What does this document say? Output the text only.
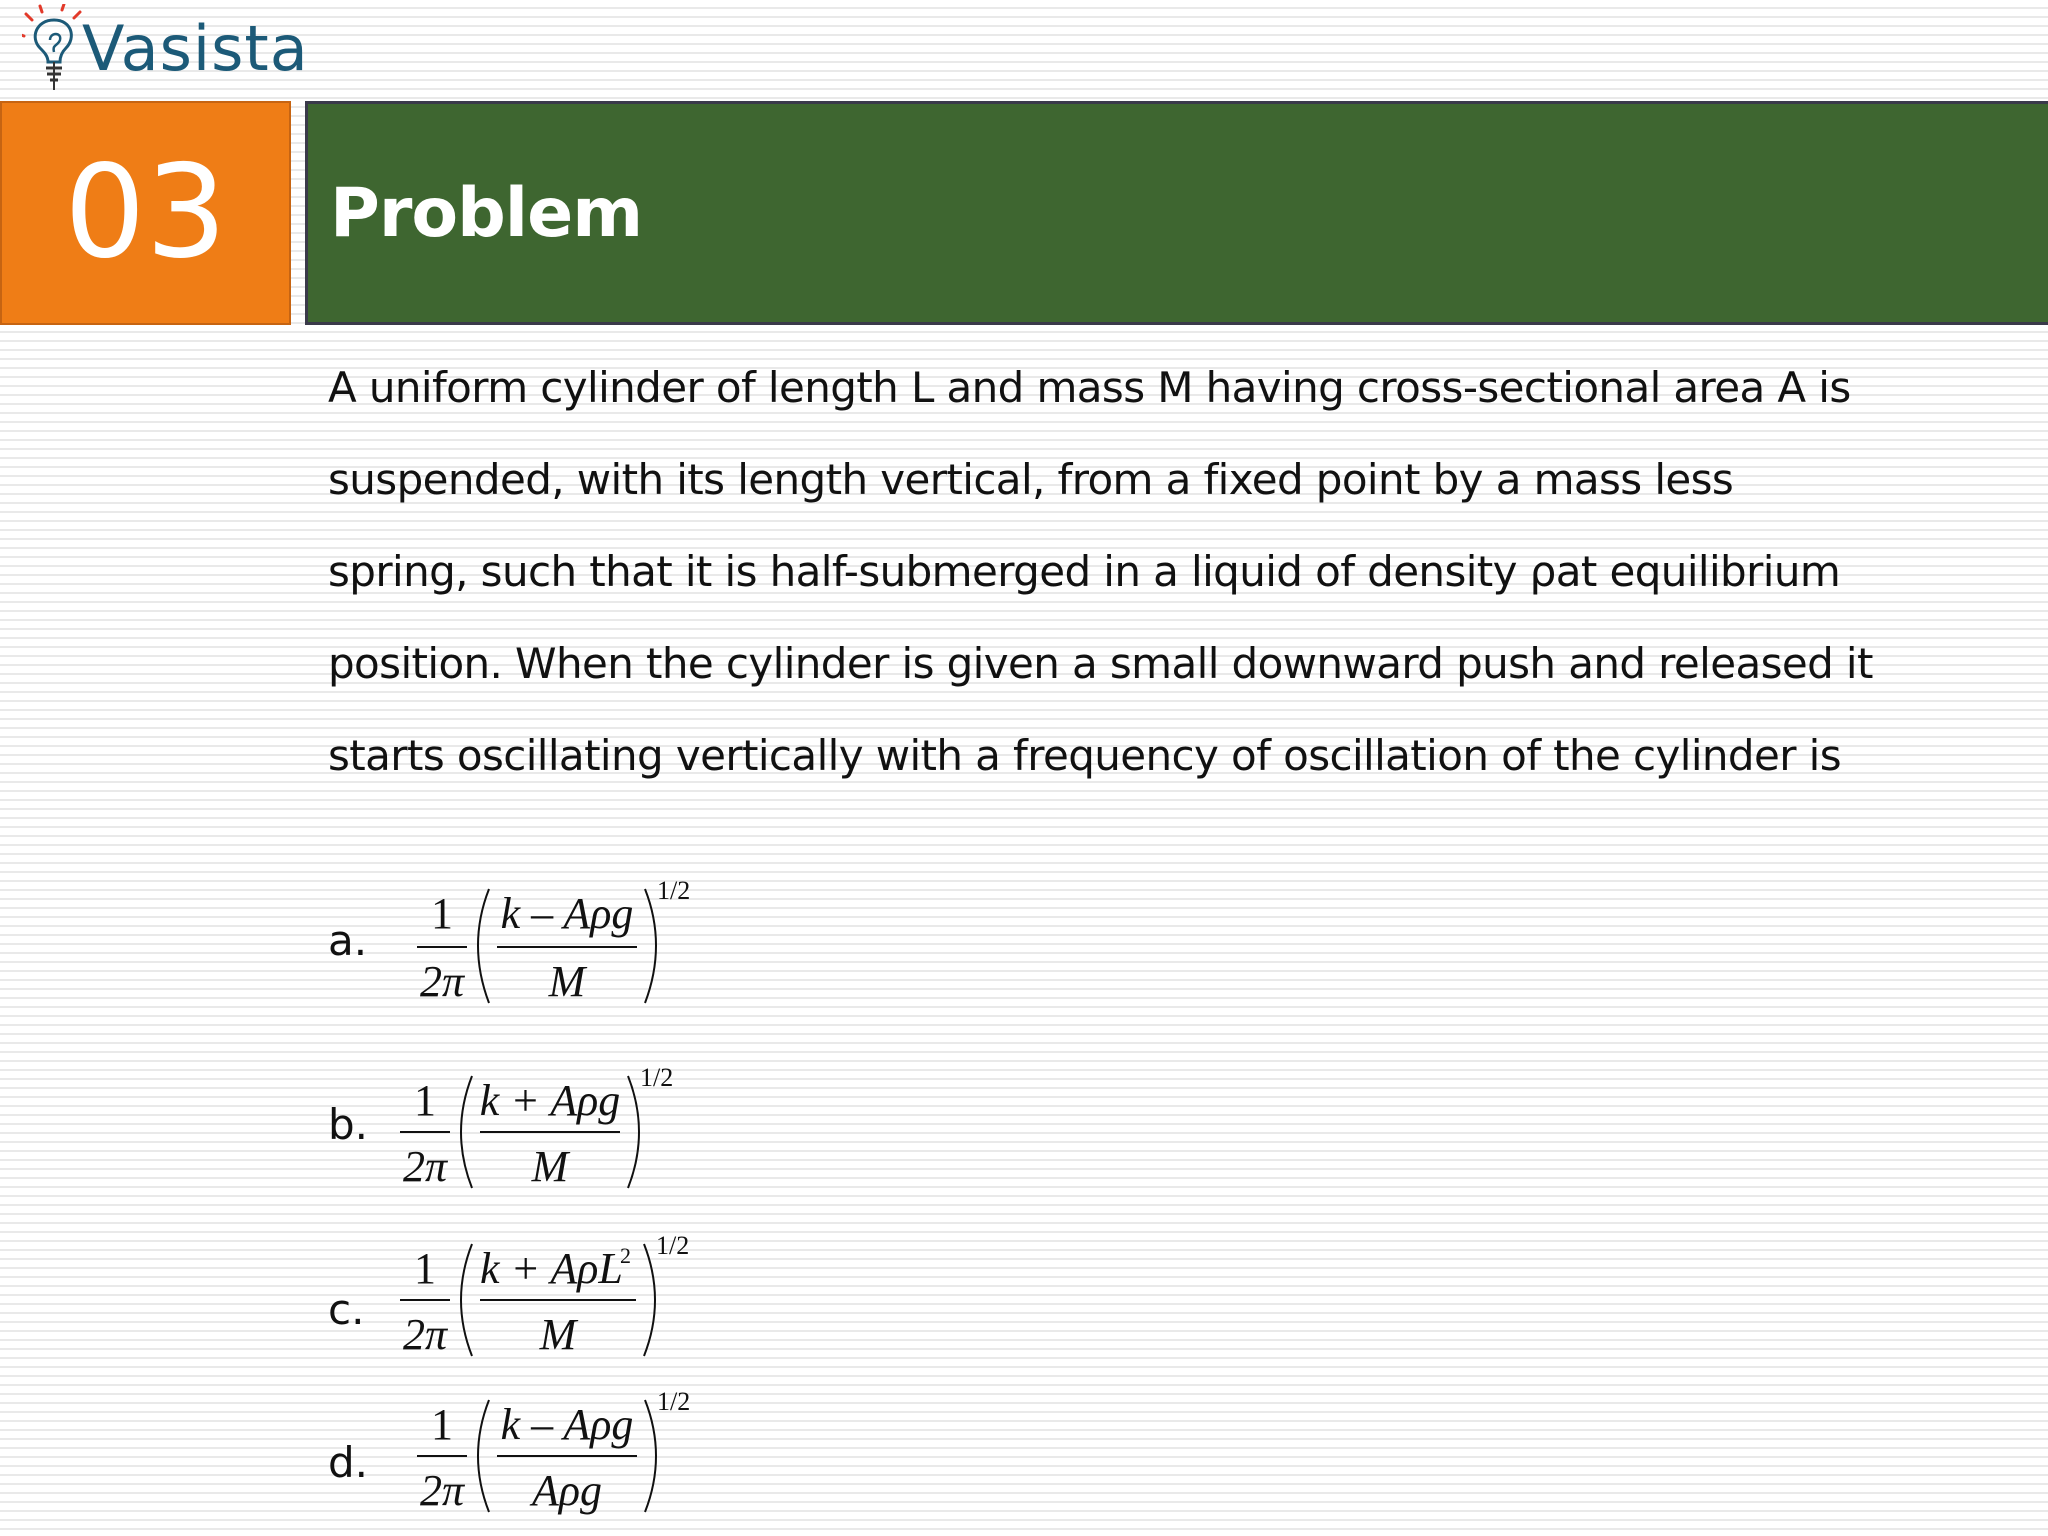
Vasista
03 Problem
A uniform cylinder of length L and mass M having cross-sectional area A is
suspended, with its length vertical, from a fixed point by a mass less
spring, such that it is half-submerged in a liquid of density ρat equilibrium
position. When the cylinder is given a small downward push and released it
starts oscillating vertically with a frequency of oscillation of the cylinder is
a.
1
2π
k – Aρg
M
1/2
b. 1
2π
k + Aρg
M
1/2
c.
1
2π
k + AρL
2
M
1/2
d.
1
2π
k – Aρg
Aρg
1/2
